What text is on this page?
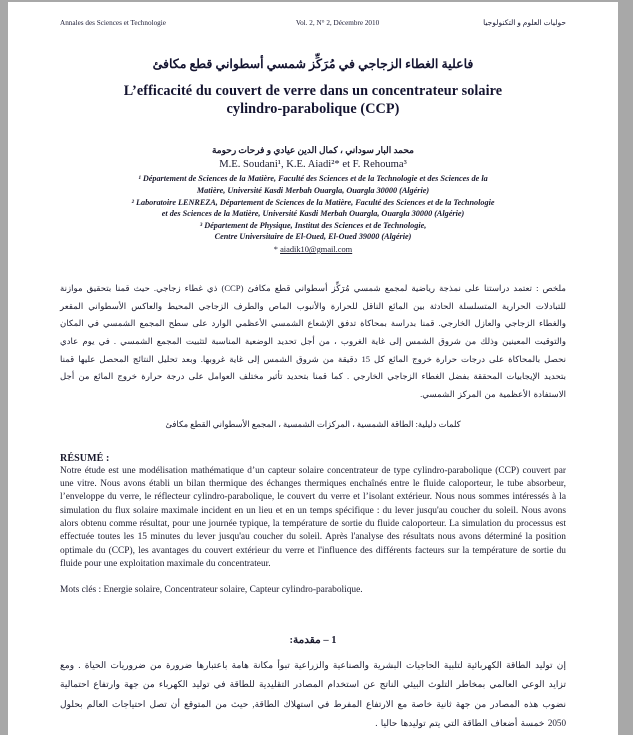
Annales des Sciences et Technologie	Vol. 2, N° 2, Décembre 2010	حوليات العلوم و التكنولوجيا
فاعلية الغطاء الزجاجي في مُرَكِّز شمسي أسطواني قطع مكافئ
L’efficacité du couvert de verre dans un concentrateur solaire
cylindro-parabolique (CCP)
محمد البار سوداني ، كمال الدين عيادي و فرحات رحومة
M.E. Soudani¹, K.E. Aiadi²* et F. Rehouma³
¹ Département de Sciences de la Matière, Faculté des Sciences et de la Technologie et des Sciences de la
Matière, Université Kasdi Merbah Ouargla, Ouargla 30000 (Algérie)
² Laboratoire LENREZA, Département de Sciences de la Matière, Faculté des Sciences et de la Technologie
et des Sciences de la Matière, Université Kasdi Merbah Ouargla, Ouargla 30000 (Algérie)
³ Département de Physique, Institut des Sciences et de Technologie,
Centre Universitaire de El-Oued, El-Oued 39000 (Algérie)
* aiadik10@gmail.com
ملخص : تعتمد دراستنا على نمذجة رياضية لمجمع شمسي مُرَكِّز أسطواني قطع مكافئ (CCP) ذي غطاء زجاجي. حيث قمنا بتحقيق موازنة للتبادلات الحرارية المتسلسلة الحادثة بين المائع الناقل للحرارة والأنبوب الماص والطرف الزجاجي المحيط والعاكس الأسطواني المقعر والغطاء الزجاجي والعازل الخارجي. قمنا بدراسة بمحاكاة تدفق الإشعاع الشمسي الأعظمي الوارد على سطح المجمع الشمسي في المكان والتوقيت المعينين وذلك من شروق الشمس إلى غاية الغروب ، من أجل تحديد الوضعية المناسبة لتثبيت المجمع الشمسي . في يوم عادي نحصل بالمحاكاة على درجات حرارة خروج المائع كل 15 دقيقة من شروق الشمس إلى غاية غروبها. وبعد تحليل النتائج المحصل عليها قمنا بتحديد الإيجابيات المحققة بفضل الغطاء الزجاجي الخارجي . كما قمنا بتحديد تأثير مختلف العوامل على درجة حرارة خروج المائع من أجل الاستفادة الأعظمية من المركز الشمسي.
كلمات دليلية: الطاقة الشمسية ، المركزات الشمسية ، المجمع الأسطواني القطع مكافئ
RÉSUMÉ :

Notre étude est une modélisation mathématique d’un capteur solaire concentrateur de type cylindro-parabolique (CCP) couvert par une vitre. Nous avons établi un bilan thermique des échanges thermiques enchaînés entre le fluide caloporteur, le tube absorbeur, l’enveloppe du verre, le réflecteur cylindro-parabolique, le couvert du verre et l’isolant extérieur. Nous nous sommes intéressés à la simulation du flux solaire maximale incident en un lieu et en un temps spécifique : du lever jusqu'au coucher du soleil. Nous avons alors obtenu comme résultat, pour une journée typique, la température de sortie du fluide caloporteur. La simulation du processus est effectuée toutes les 15 minutes du lever jusqu'au coucher du soleil. Après l'analyse des résultats nous avons déterminé la position optimale du (CCP), les avantages du couvert extérieur du verre et l'influence des différents facteurs sur la température de sortie du fluide pour une exploitation maximale du concentrateur.

Mots clés : Energie solaire, Concentrateur solaire, Capteur cylindro-parabolique.
1 – مقدمة:
إن توليد الطاقة الكهربائية لتلبية الحاجيات البشرية والصناعية والزراعية تبوأ مكانة هامة باعتبارها ضرورة من ضروريات الحياة . ومع تزايد الوعي العالمي بمخاطر التلوث البيئي الناتج عن استخدام المصادر التقليدية للطاقة في توليد الكهرباء من جهة وارتفاع احتمالية نضوب هذه المصادر من جهة ثانية خاصة مع الارتفاع المفرط في استهلاك الطاقة, حيث من المتوقع أن تصل احتياجات العالم بحلول 2050 خمسة أضعاف الطاقة التي يتم توليدها حاليا .
